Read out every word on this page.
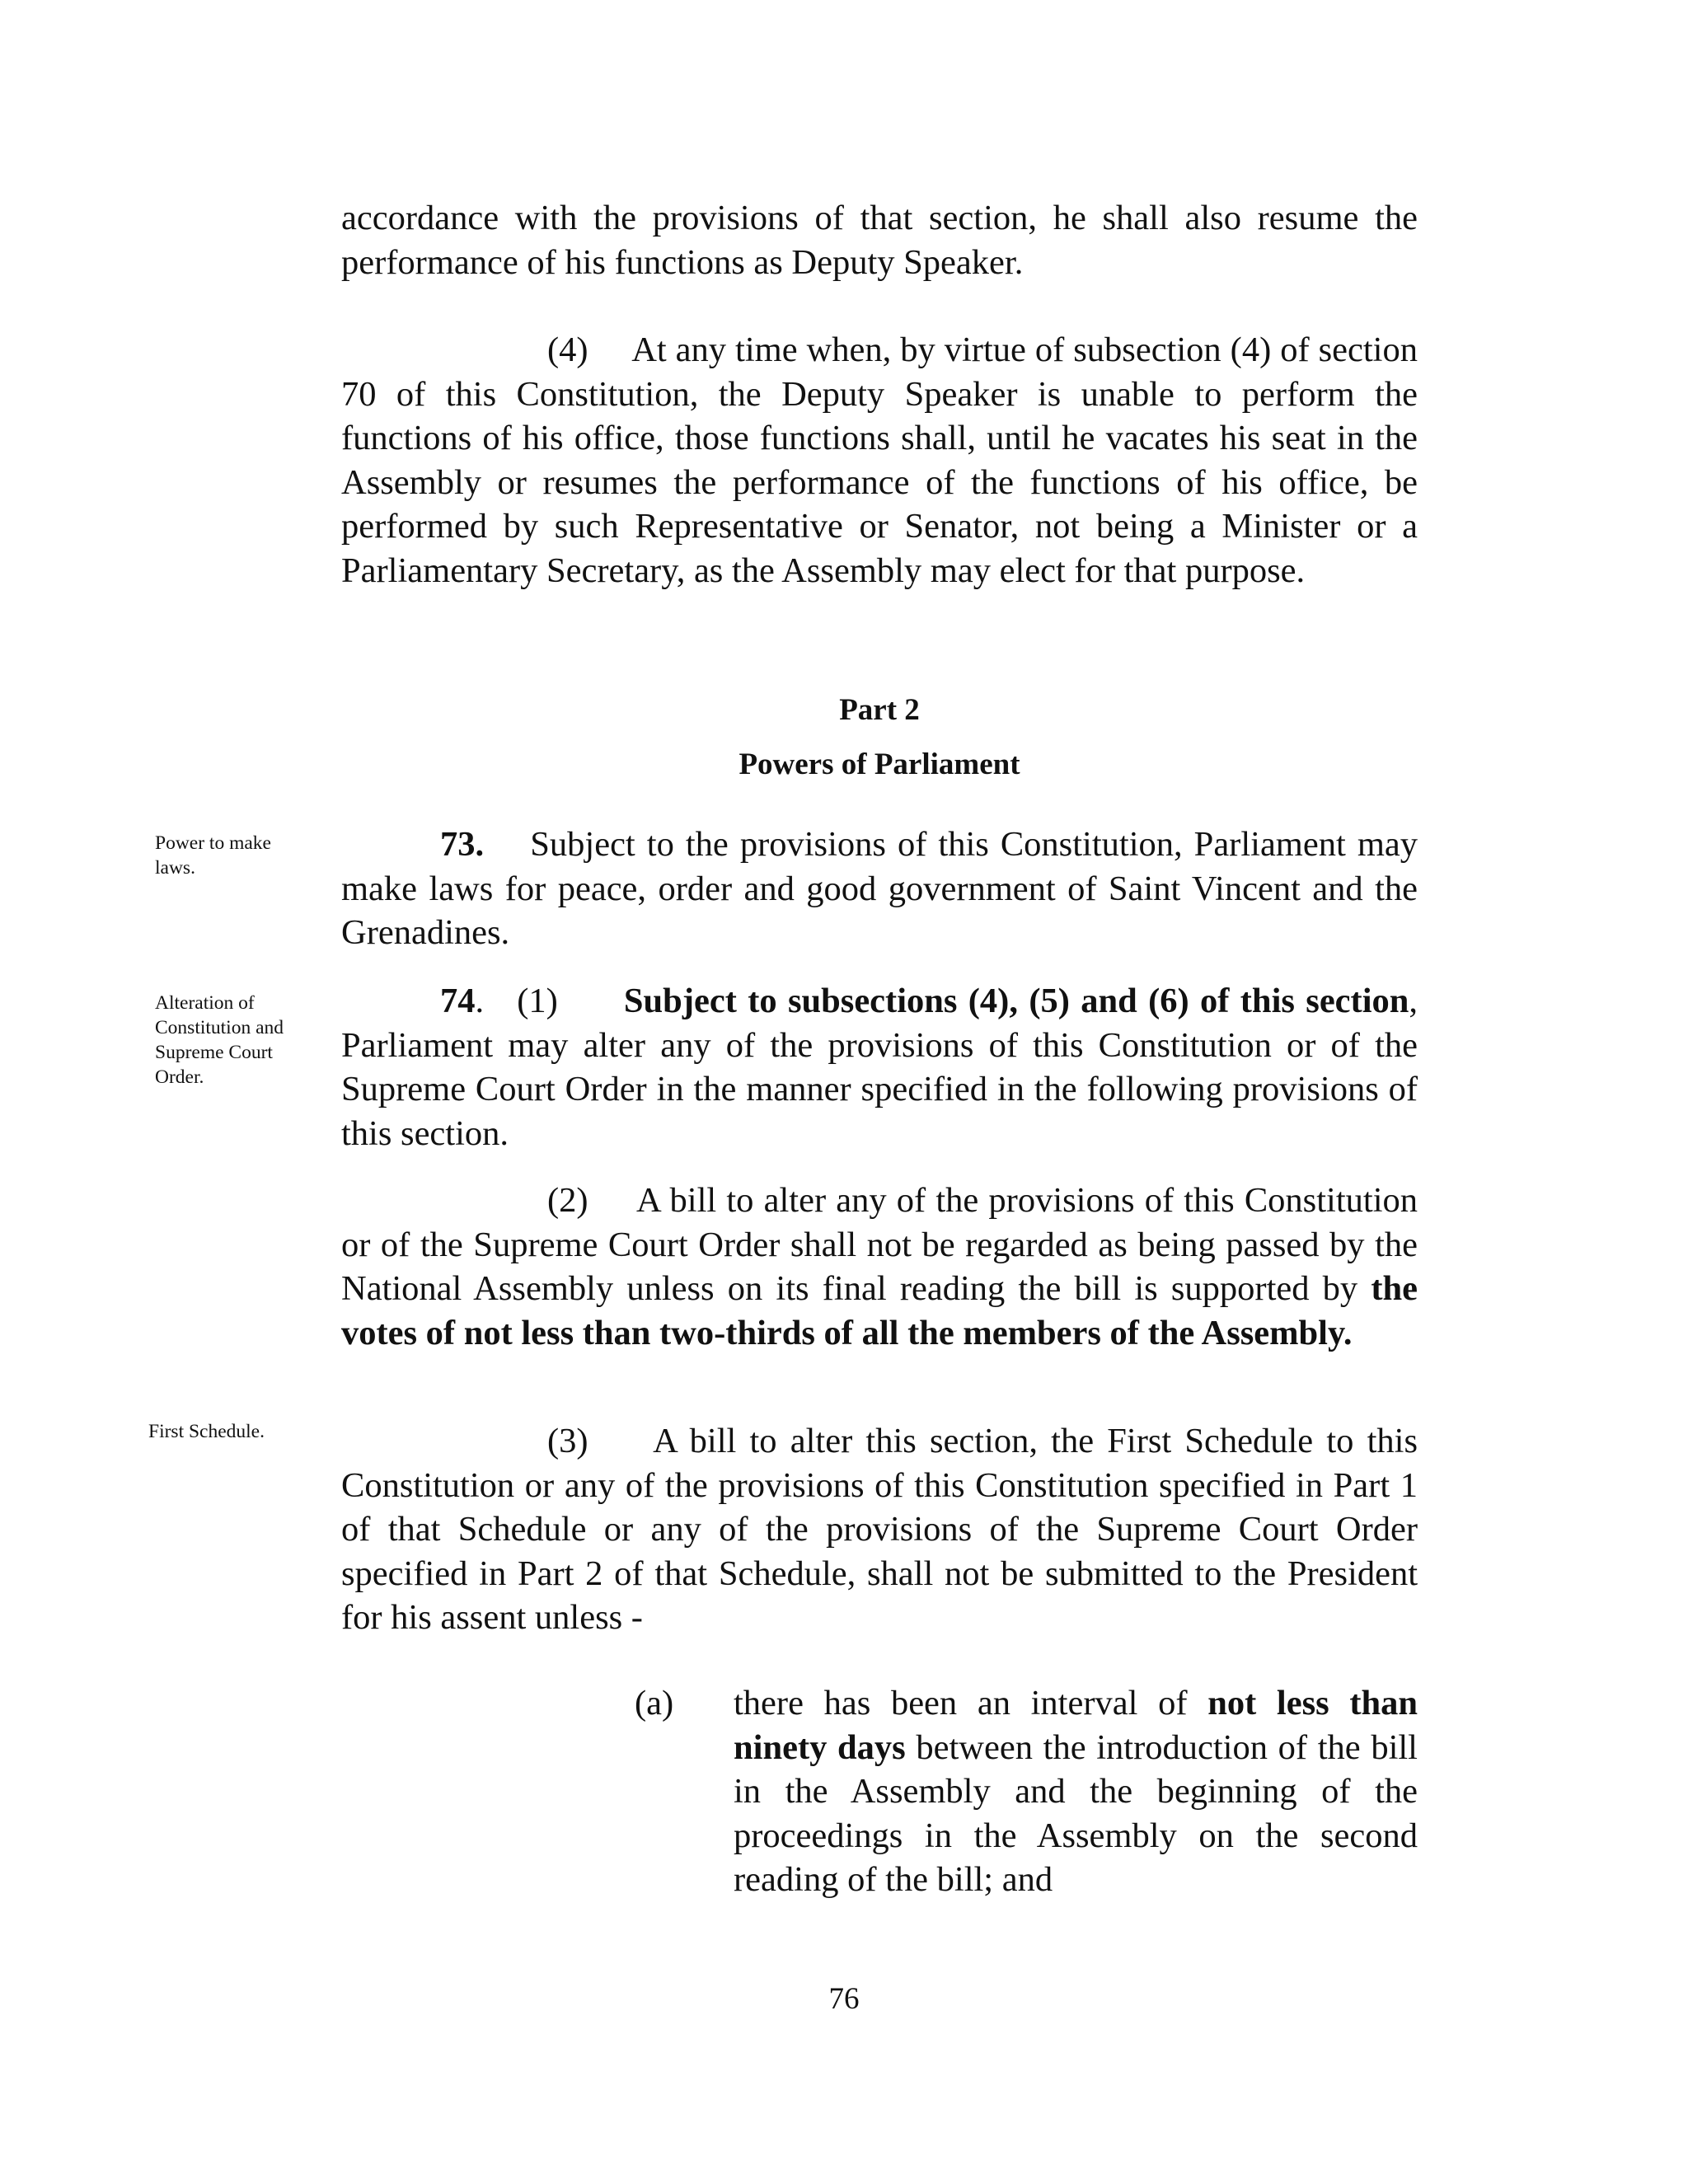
accordance with the provisions of that section, he shall also resume the performance of his functions as Deputy Speaker.

(4) At any time when, by virtue of subsection (4) of section 70 of this Constitution, the Deputy Speaker is unable to perform the functions of his office, those functions shall, until he vacates his seat in the Assembly or resumes the performance of the functions of his office, be performed by such Representative or Senator, not being a Minister or a Parliamentary Secretary, as the Assembly may elect for that purpose.

Part 2
Powers of Parliament
Power to make laws.

73. Subject to the provisions of this Constitution, Parliament may make laws for peace, order and good government of Saint Vincent and the Grenadines.

Alteration of Constitution and Supreme Court Order.

74. (1) Subject to subsections (4), (5) and (6) of this section, Parliament may alter any of the provisions of this Constitution or of the Supreme Court Order in the manner specified in the following provisions of this section.

(2) A bill to alter any of the provisions of this Constitution or of the Supreme Court Order shall not be regarded as being passed by the National Assembly unless on its final reading the bill is supported by the votes of not less than two-thirds of all the members of the Assembly.

First Schedule.	(3) A bill to alter this section, the First Schedule to this Constitution or any of the provisions of this Constitution specified in Part 1 of that Schedule or any of the provisions of the Supreme Court Order specified in Part 2 of that Schedule, shall not be submitted to the President for his assent unless -

(a) there has been an interval of not less than ninety days between the introduction of the bill in the Assembly and the beginning of the proceedings in the Assembly on the second reading of the bill; and
76
